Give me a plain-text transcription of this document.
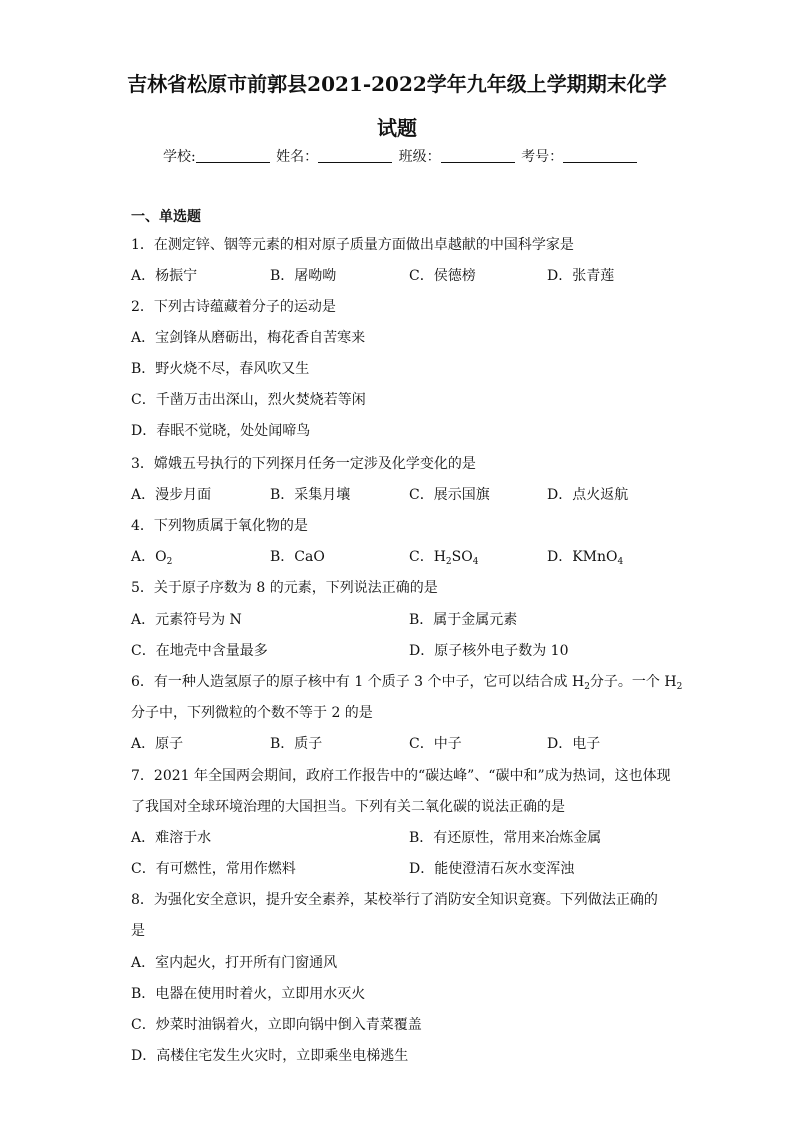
吉林省松原市前郭县2021-2022学年九年级上学期期末化学
试题
学校:	姓名：	班级：	考号：
一、单选题
1．在测定锌、铟等元素的相对原子质量方面做出卓越献的中国科学家是
A．杨振宁	B．屠呦呦	C．侯德榜	D．张青莲
2．下列古诗蕴藏着分子的运动是
A．宝剑锋从磨砺出，梅花香自苦寒来
B．野火烧不尽，春风吹又生
C．千凿万击出深山，烈火焚烧若等闲
D．春眠不觉晓，处处闻啼鸟
3．嫦娥五号执行的下列探月任务一定涉及化学变化的是
A．漫步月面	B．采集月壤	C．展示国旗	D．点火返航
4．下列物质属于氧化物的是
A．$O_2$	B．CaO	C．$H_2SO_4$	D．KMnO$_4$
5．关于原子序数为 8 的元素，下列说法正确的是
A．元素符号为 N	B．属于金属元素
C．在地壳中含量最多	D．原子核外电子数为 10
6．有一种人造氢原子的原子核中有 1 个质子 3 个中子，它可以结合成 $H_2$分子。一个 $H_2$
分子中，下列微粒的个数不等于 2 的是
A．原子	B．质子	C．中子	D．电子
7．2021 年全国两会期间，政府工作报告中的“碳达峰”、“碳中和”成为热词，这也体现
了我国对全球环境治理的大国担当。下列有关二氧化碳的说法正确的是
A．难溶于水	B．有还原性，常用来冶炼金属
C．有可燃性，常用作燃料	D．能使澄清石灰水变浑浊
8．为强化安全意识，提升安全素养，某校举行了消防安全知识竟赛。下列做法正确的
是
A．室内起火，打开所有门窗通风
B．电器在使用时着火，立即用水灭火
C．炒菜时油锅着火，立即向锅中倒入青菜覆盖
D．高楼住宅发生火灾时，立即乘坐电梯逃生
